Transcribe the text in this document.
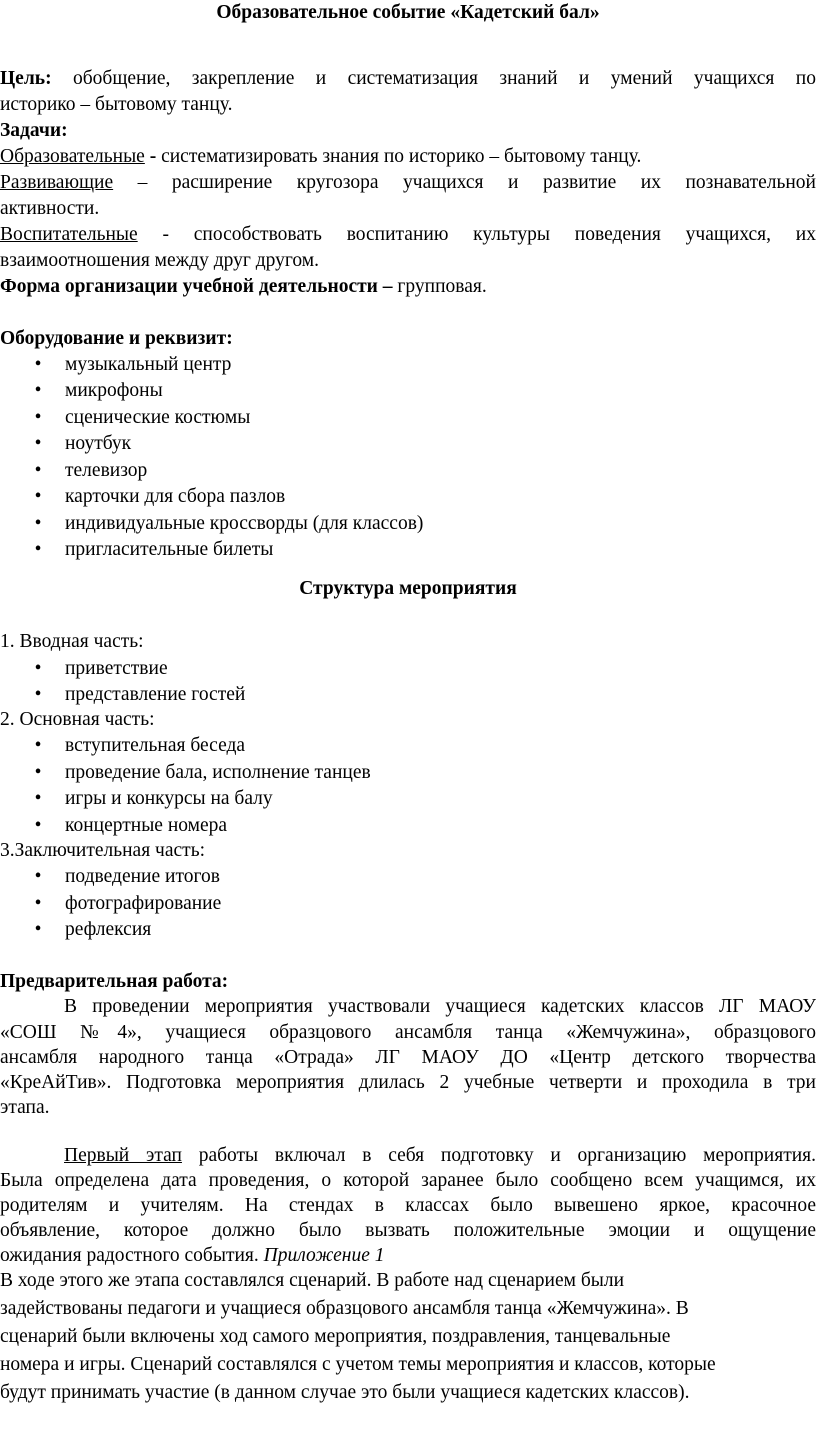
Образовательное событие «Кадетский бал»
Цель: обобщение, закрепление и систематизация знаний и умений учащихся по
историко – бытовому танцу.
Задачи:
Образовательные - систематизировать знания по историко – бытовому танцу.
Развивающие – расширение кругозора учащихся и развитие их познавательной
активности.
Воспитательные - способствовать воспитанию культуры поведения учащихся, их
взаимоотношения между друг другом.
Форма организации учебной деятельности – групповая.
Оборудование и реквизит:
• музыкальный центр
• микрофоны
• сценические костюмы
• ноутбук
• телевизор
• карточки для сбора пазлов
• индивидуальные кроссворды (для классов)
• пригласительные билеты
Структура мероприятия
1. Вводная часть:
• приветствие
• представление гостей
2. Основная часть:
• вступительная беседа
• проведение бала, исполнение танцев
• игры и конкурсы на балу
• концертные номера
3.Заключительная часть:
• подведение итогов
• фотографирование
• рефлексия
Предварительная работа:
В проведении мероприятия участвовали учащиеся кадетских классов ЛГ МАОУ
«СОШ №4», учащиеся образцового ансамбля танца «Жемчужина», образцового
ансамбля народного танца «Отрада» ЛГ МАОУ ДО «Центр детского творчества
«КреАйТив». Подготовка мероприятия длилась 2 учебные четверти и проходила в три
этапа.
Первый этап работы включал в себя подготовку и организацию мероприятия.
Была определена дата проведения, о которой заранее было сообщено всем учащимся, их
родителям и учителям. На стендах в классах было вывешено яркое, красочное
объявление, которое должно было вызвать положительные эмоции и ощущение
ожидания радостного события. Приложение 1
В ходе этого же этапа составлялся сценарий. В работе над сценарием были
задействованы педагоги и учащиеся образцового ансамбля танца «Жемчужина». В
сценарий были включены ход самого мероприятия, поздравления, танцевальные
номера и игры. Сценарий составлялся с учетом темы мероприятия и классов, которые
будут принимать участие (в данном случае это были учащиеся кадетских классов).
